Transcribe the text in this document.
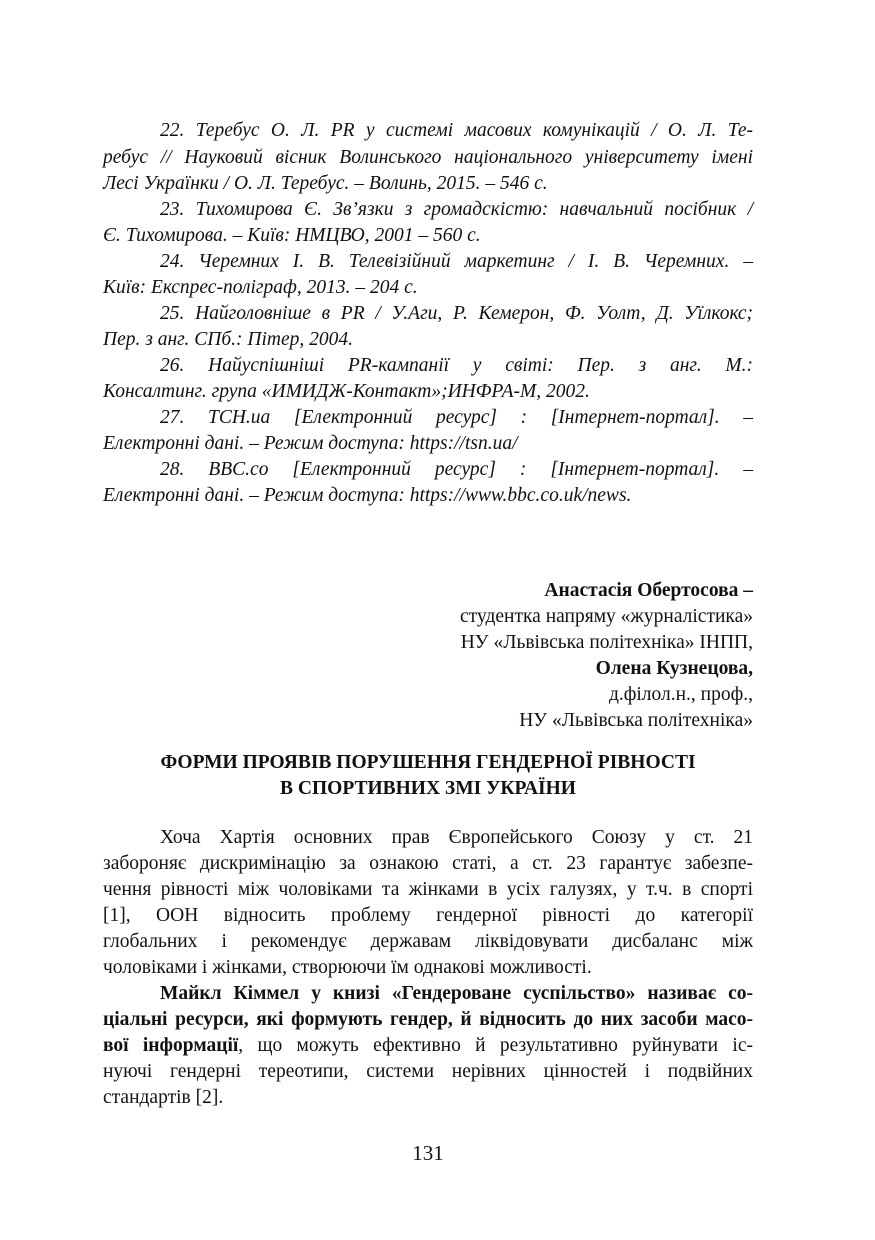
22. Теребус О. Л. PR у системі масових комунікацій / О. Л. Те-
ребус // Науковий вісник Волинського національного університету імені
Лесі Українки / О. Л. Теребус. – Волинь, 2015. – 546 с.
23. Тихомирова Є. Зв’язки з громадскістю: навчальний посібник /
Є. Тихомирова. – Київ: НМЦВО, 2001 – 560 с.
24. Черемних І. В. Телевізійний маркетинг / І. В. Черемних. –
Київ: Експрес-поліграф, 2013. – 204 с.
25. Найголовніше в PR / У.Аги, Р. Кемерон, Ф. Уолт, Д. Уїлкокс;
Пер. з анг. СПб.: Пітер, 2004.
26. Найуспішніші PR-кампанії у світі: Пер. з анг. М.:
Консалтинг. група «ИМИДЖ-Контакт»;ИНФРА-М, 2002.
27. ТСН.иа [Електронний ресурс] : [Інтернет-портал]. –
Електронні дані. – Режим доступа: https://tsn.ua/
28. BBC.co [Електронний ресурс] : [Інтернет-портал]. –
Електронні дані. – Режим доступа: https://www.bbc.co.uk/news.
Анастасія Обертосова –
студентка напряму «журналістика»
НУ «Львівська політехніка» ІНПП,
Олена Кузнецова,
д.філол.н., проф.,
НУ «Львівська політехніка»
ФОРМИ ПРОЯВІВ ПОРУШЕННЯ ГЕНДЕРНОЇ РІВНОСТІ
В СПОРТИВНИХ ЗМІ УКРАЇНИ
Хоча Хартія основних прав Європейського Союзу у ст. 21
забороняє дискримінацію за ознакою статі, а ст. 23 гарантує забезпе-
чення рівності між чоловіками та жінками в усіх галузях, у т.ч. в спорті
[1], ООН відносить проблему гендерної рівності до категорії
глобальних і рекомендує державам ліквідовувати дисбаланс між
чоловіками і жінками, створюючи їм однакові можливості.
Майкл Кіммел у книзі «Гендероване суспільство» називає со-
ціальні ресурси, які формують гендер, й відносить до них засоби масо-
вої інформації, що можуть ефективно й результативно руйнувати іс-
нуючі гендерні тереотипи, системи нерівних цінностей і подвійних
стандартів [2].
131
